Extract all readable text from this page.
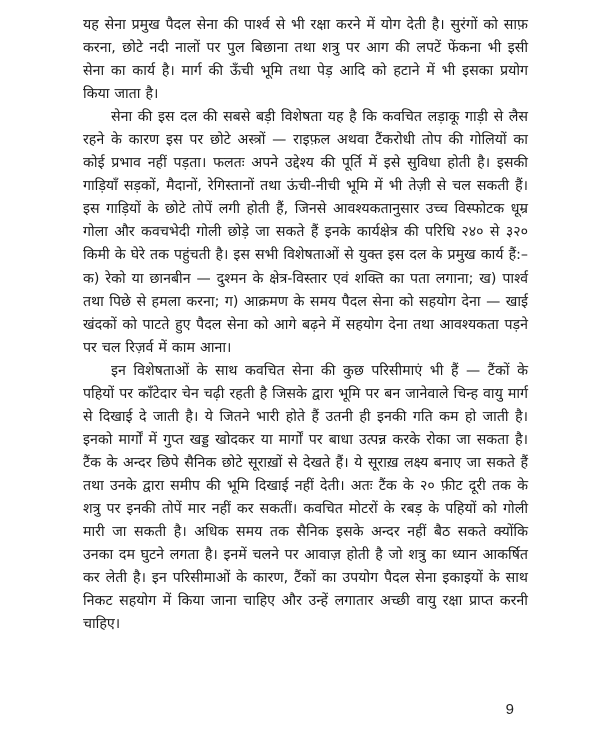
यह सेना प्रमुख पैदल सेना की पार्श्व से भी रक्षा करने में योग देती है। सुरंगों को साफ़ करना, छोटे नदी नालों पर पुल बिछाना तथा शत्रु पर आग की लपटें फेंकना भी इसी सेना का कार्य है। मार्ग की ऊँची भूमि तथा पेड़ आदि को हटाने में भी इसका प्रयोग किया जाता है।

सेना की इस दल की सबसे बड़ी विशेषता यह है कि कवचित लड़ाकू गाड़ी से लैस रहने के कारण इस पर छोटे अस्त्रों — राइफ़ल अथवा टैंकरोधी तोप की गोलियों का कोई प्रभाव नहीं पड़ता। फलतः अपने उद्देश्य की पूर्ति में इसे सुविधा होती है। इसकी गाड़ियाँ सड़कों, मैदानों, रेगिस्तानों तथा ऊंची-नीची भूमि में भी तेज़ी से चल सकती हैं। इस गाड़ियों के छोटे तोपें लगी होती हैं, जिनसे आवश्यकतानुसार उच्च विस्फोटक धूम्र गोला और कवचभेदी गोली छोड़े जा सकते हैं इनके कार्यक्षेत्र की परिधि २४० से ३२० किमी के घेरे तक पहुंचती है। इस सभी विशेषताओं से युक्त इस दल के प्रमुख कार्य हैं:– क) रेको या छानबीन — दुश्मन के क्षेत्र-विस्तार एवं शक्ति का पता लगाना; ख) पार्श्व तथा पिछे से हमला करना; ग) आक्रमण के समय पैदल सेना को सहयोग देना — खाई खंदकों को पाटते हुए पैदल सेना को आगे बढ़ने में सहयोग देना तथा आवश्यकता पड़ने पर चल रिज़र्व में काम आना।

इन विशेषताओं के साथ कवचित सेना की कुछ परिसीमाएं भी हैं — टैंकों के पहियों पर काँटेदार चेन चढ़ी रहती है जिसके द्वारा भूमि पर बन जानेवाले चिन्ह वायु मार्ग से दिखाई दे जाती है। ये जितने भारी होते हैं उतनी ही इनकी गति कम हो जाती है। इनको मार्गों में गुप्त खड्ड खोदकर या मार्गों पर बाधा उत्पन्न करके रोका जा सकता है। टैंक के अन्दर छिपे सैनिक छोटे सूराख़ों से देखते हैं। ये सूराख़ लक्ष्य बनाए जा सकते हैं तथा उनके द्वारा समीप की भूमि दिखाई नहीं देती। अतः टैंक के २० फ़ीट दूरी तक के शत्रु पर इनकी तोपें मार नहीं कर सकतीं। कवचित मोटरों के रबड़ के पहियों को गोली मारी जा सकती है। अधिक समय तक सैनिक इसके अन्दर नहीं बैठ सकते क्योंकि उनका दम घुटने लगता है। इनमें चलने पर आवाज़ होती है जो शत्रु का ध्यान आकर्षित कर लेती है। इन परिसीमाओं के कारण, टैंकों का उपयोग पैदल सेना इकाइयों के साथ निकट सहयोग में किया जाना चाहिए और उन्हें लगातार अच्छी वायु रक्षा प्राप्त करनी चाहिए।

9
